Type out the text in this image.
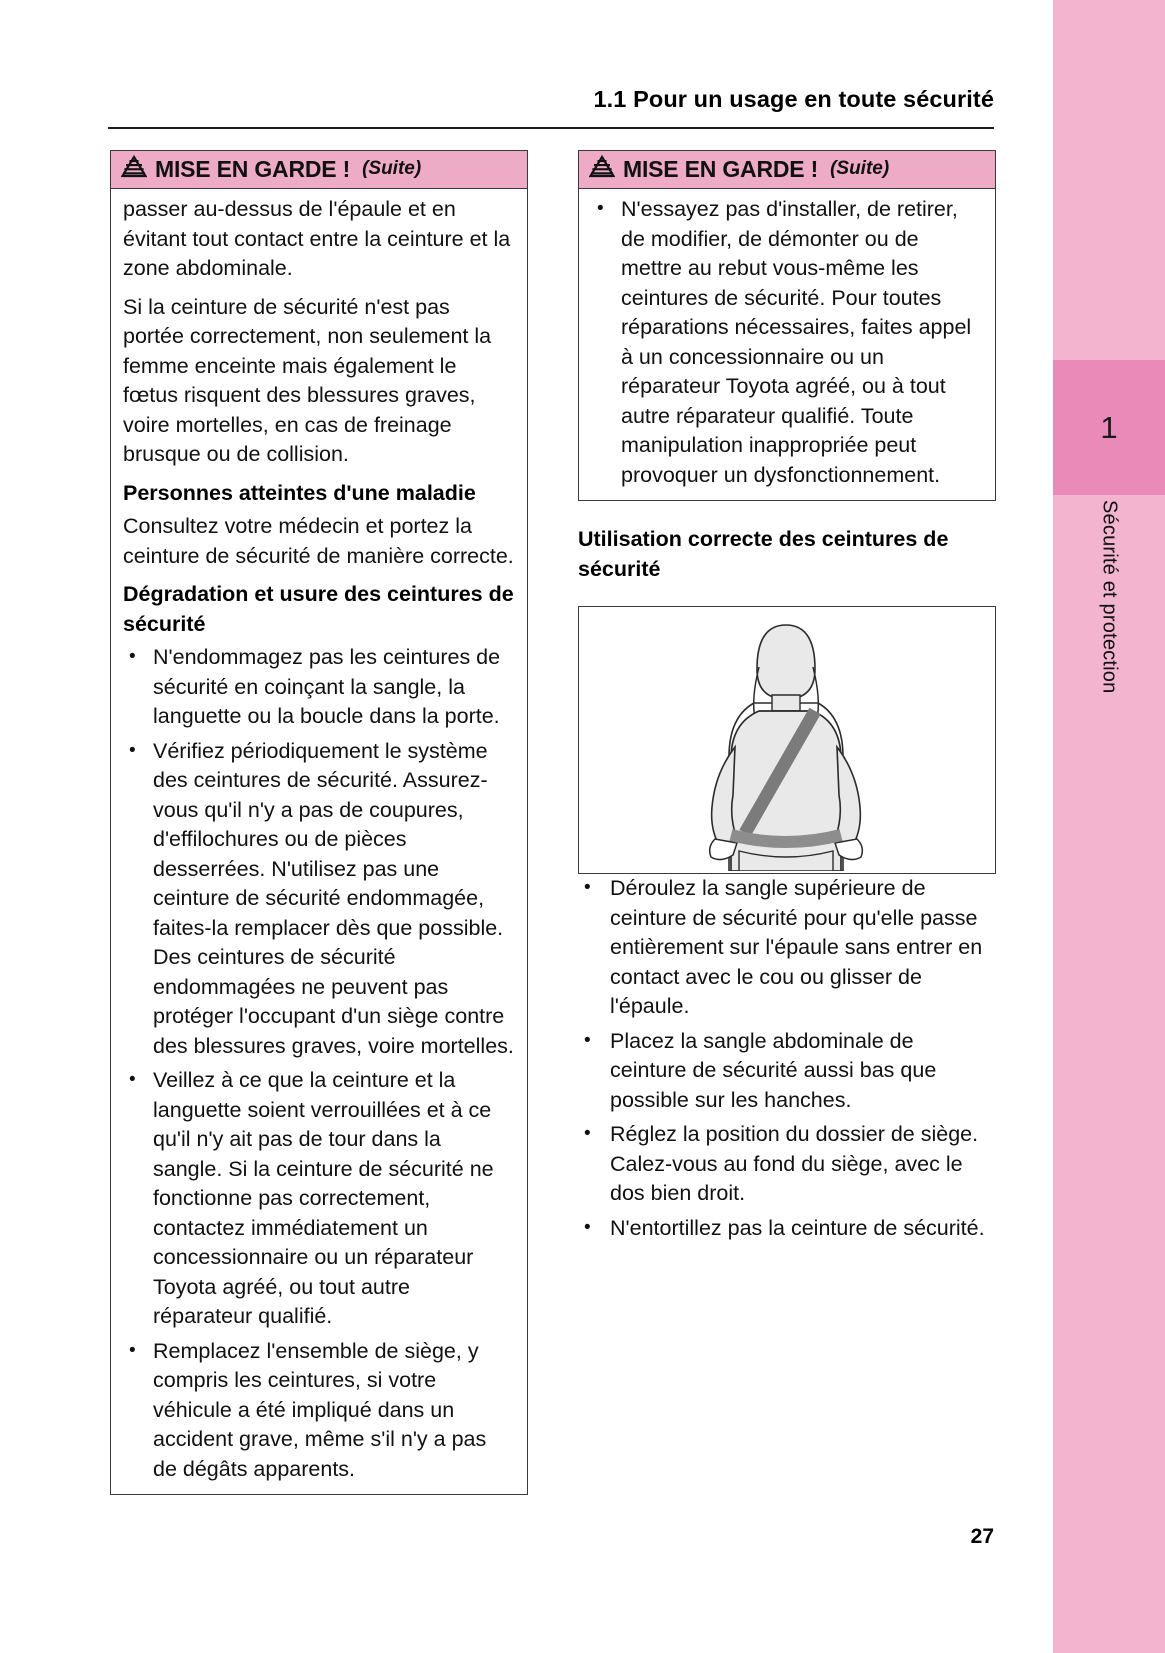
1
Sécurité et protection
1.1 Pour un usage en toute sécurité
MISE EN GARDE ! (Suite)

passer au-dessus de l'épaule et en évitant tout contact entre la ceinture et la zone abdominale.

Si la ceinture de sécurité n'est pas portée correctement, non seulement la femme enceinte mais également le fœtus risquent des blessures graves, voire mortelles, en cas de freinage brusque ou de collision.

Personnes atteintes d'une maladie

Consultez votre médecin et portez la ceinture de sécurité de manière correcte.

Dégradation et usure des ceintures de sécurité
• N'endommagez pas les ceintures de sécurité en coinçant la sangle, la languette ou la boucle dans la porte.
• Vérifiez périodiquement le système des ceintures de sécurité. Assurez-vous qu'il n'y a pas de coupures, d'effilochures ou de pièces desserrées. N'utilisez pas une ceinture de sécurité endommagée, faites-la remplacer dès que possible. Des ceintures de sécurité endommagées ne peuvent pas protéger l'occupant d'un siège contre des blessures graves, voire mortelles.
• Veillez à ce que la ceinture et la languette soient verrouillées et à ce qu'il n'y ait pas de tour dans la sangle. Si la ceinture de sécurité ne fonctionne pas correctement, contactez immédiatement un concessionnaire ou un réparateur Toyota agréé, ou tout autre réparateur qualifié.
• Remplacez l'ensemble de siège, y compris les ceintures, si votre véhicule a été impliqué dans un accident grave, même s'il n'y a pas de dégâts apparents.
MISE EN GARDE ! (Suite)
• N'essayez pas d'installer, de retirer, de modifier, de démonter ou de mettre au rebut vous-même les ceintures de sécurité. Pour toutes réparations nécessaires, faites appel à un concessionnaire ou un réparateur Toyota agréé, ou à tout autre réparateur qualifié. Toute manipulation inappropriée peut provoquer un dysfonctionnement.
Utilisation correcte des ceintures de sécurité
• Déroulez la sangle supérieure de ceinture de sécurité pour qu'elle passe entièrement sur l'épaule sans entrer en contact avec le cou ou glisser de l'épaule.
• Placez la sangle abdominale de ceinture de sécurité aussi bas que possible sur les hanches.
• Réglez la position du dossier de siège. Calez-vous au fond du siège, avec le dos bien droit.
• N'entortillez pas la ceinture de sécurité.
27
